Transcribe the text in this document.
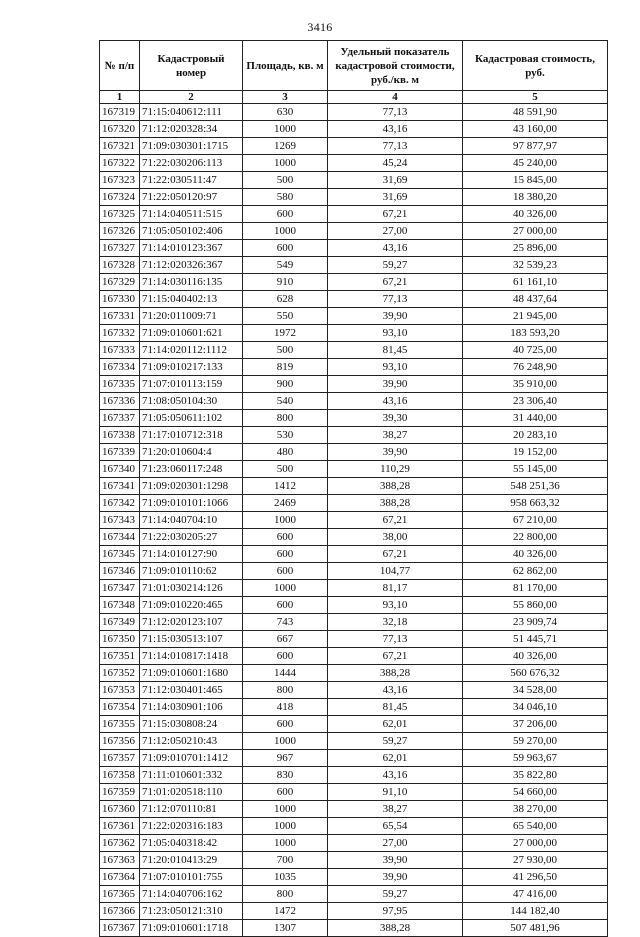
3416
№ п/п	Кадастровый номер	Площадь, кв. м	Удельный показатель кадастровой стоимости, руб./кв. м	Кадастровая стоимость, руб.
1	2	3	4	5
167319	71:15:040612:111	630	77,13	48 591,90
167320	71:12:020328:34	1000	43,16	43 160,00
167321	71:09:030301:1715	1269	77,13	97 877,97
167322	71:22:030206:113	1000	45,24	45 240,00
167323	71:22:030511:47	500	31,69	15 845,00
167324	71:22:050120:97	580	31,69	18 380,20
167325	71:14:040511:515	600	67,21	40 326,00
167326	71:05:050102:406	1000	27,00	27 000,00
167327	71:14:010123:367	600	43,16	25 896,00
167328	71:12:020326:367	549	59,27	32 539,23
167329	71:14:030116:135	910	67,21	61 161,10
167330	71:15:040402:13	628	77,13	48 437,64
167331	71:20:011009:71	550	39,90	21 945,00
167332	71:09:010601:621	1972	93,10	183 593,20
167333	71:14:020112:1112	500	81,45	40 725,00
167334	71:09:010217:133	819	93,10	76 248,90
167335	71:07:010113:159	900	39,90	35 910,00
167336	71:08:050104:30	540	43,16	23 306,40
167337	71:05:050611:102	800	39,30	31 440,00
167338	71:17:010712:318	530	38,27	20 283,10
167339	71:20:010604:4	480	39,90	19 152,00
167340	71:23:060117:248	500	110,29	55 145,00
167341	71:09:020301:1298	1412	388,28	548 251,36
167342	71:09:010101:1066	2469	388,28	958 663,32
167343	71:14:040704:10	1000	67,21	67 210,00
167344	71:22:030205:27	600	38,00	22 800,00
167345	71:14:010127:90	600	67,21	40 326,00
167346	71:09:010110:62	600	104,77	62 862,00
167347	71:01:030214:126	1000	81,17	81 170,00
167348	71:09:010220:465	600	93,10	55 860,00
167349	71:12:020123:107	743	32,18	23 909,74
167350	71:15:030513:107	667	77,13	51 445,71
167351	71:14:010817:1418	600	67,21	40 326,00
167352	71:09:010601:1680	1444	388,28	560 676,32
167353	71:12:030401:465	800	43,16	34 528,00
167354	71:14:030901:106	418	81,45	34 046,10
167355	71:15:030808:24	600	62,01	37 206,00
167356	71:12:050210:43	1000	59,27	59 270,00
167357	71:09:010701:1412	967	62,01	59 963,67
167358	71:11:010601:332	830	43,16	35 822,80
167359	71:01:020518:110	600	91,10	54 660,00
167360	71:12:070110:81	1000	38,27	38 270,00
167361	71:22:020316:183	1000	65,54	65 540,00
167362	71:05:040318:42	1000	27,00	27 000,00
167363	71:20:010413:29	700	39,90	27 930,00
167364	71:07:010101:755	1035	39,90	41 296,50
167365	71:14:040706:162	800	59,27	47 416,00
167366	71:23:050121:310	1472	97,95	144 182,40
167367	71:09:010601:1718	1307	388,28	507 481,96
